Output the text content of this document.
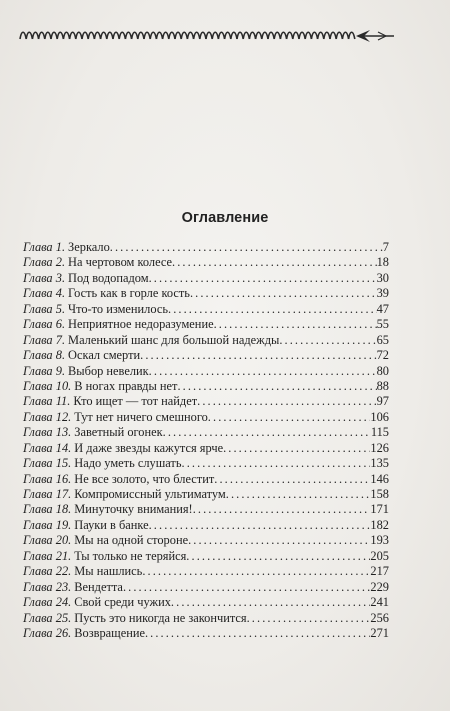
Оглавление
Глава 1. Зеркало . . .	7
Глава 2. На чертовом колесе . . .	18
Глава 3. Под водопадом . . .	30
Глава 4. Гость как в горле кость . . .	39
Глава 5. Что-то изменилось . . .	47
Глава 6. Неприятное недоразумение . . .	55
Глава 7. Маленький шанс для большой надежды . . .	65
Глава 8. Оскал смерти . . .	72
Глава 9. Выбор невелик . . .	80
Глава 10. В ногах правды нет . . .	88
Глава 11. Кто ищет — тот найдет . . .	97
Глава 12. Тут нет ничего смешного . . .	106
Глава 13. Заветный огонек . . .	115
Глава 14. И даже звезды кажутся ярче . . .	126
Глава 15. Надо уметь слушать . . .	135
Глава 16. Не все золото, что блестит . . .	146
Глава 17. Компромиссный ультиматум . . .	158
Глава 18. Минуточку внимания! . . .	171
Глава 19. Пауки в банке . . .	182
Глава 20. Мы на одной стороне . . .	193
Глава 21. Ты только не теряйся . . .	205
Глава 22. Мы нашлись . . .	217
Глава 23. Вендетта . . .	229
Глава 24. Свой среди чужих . . .	241
Глава 25. Пусть это никогда не закончится . . .	256
Глава 26. Возвращение . . .	271
